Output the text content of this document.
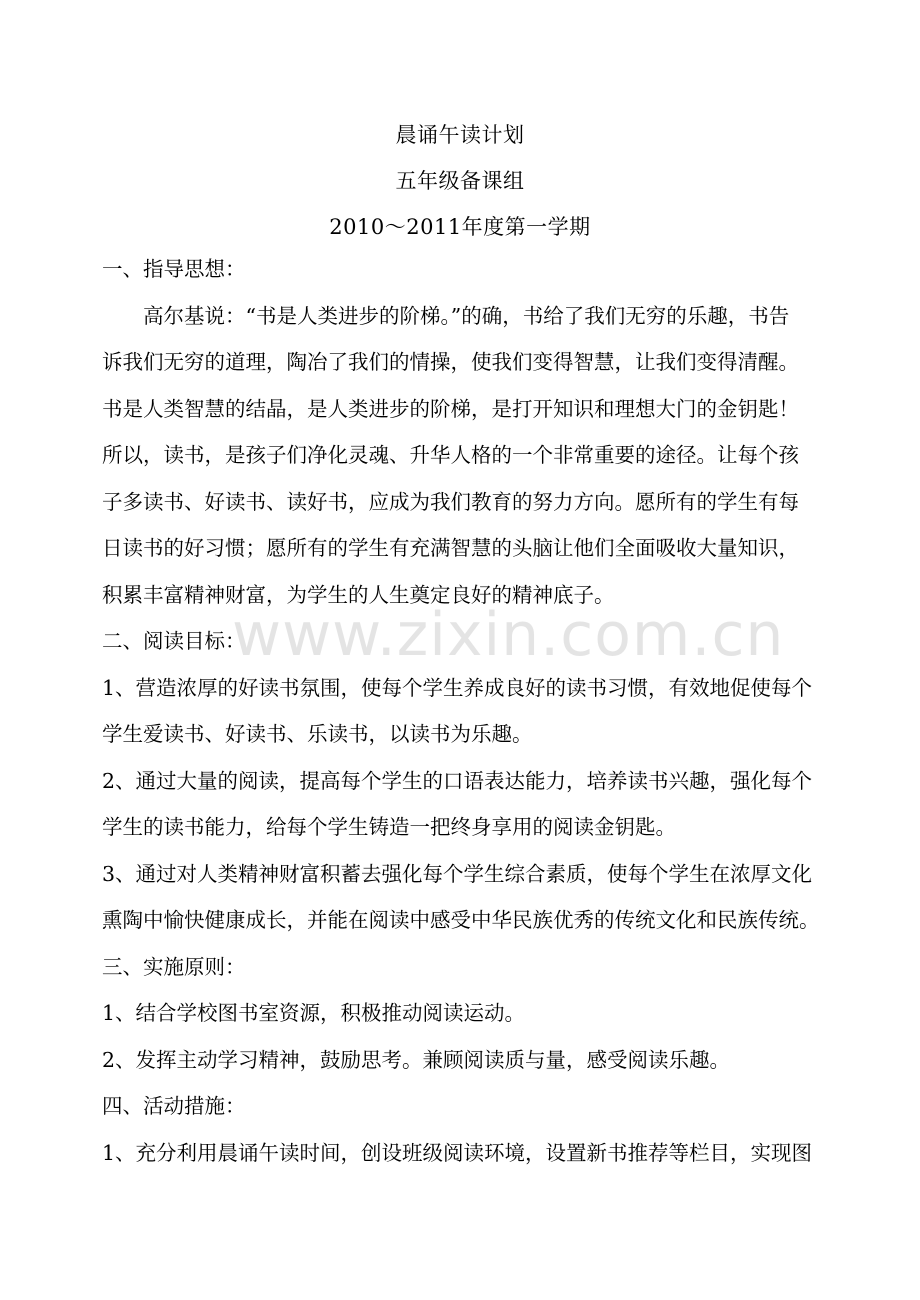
晨诵午读计划
五年级备课组
2010～2011年度第一学期
一、指导思想：
高尔基说：“书是人类进步的阶梯。”的确，书给了我们无穷的乐趣，书告
诉我们无穷的道理，陶冶了我们的情操，使我们变得智慧，让我们变得清醒。
书是人类智慧的结晶，是人类进步的阶梯，是打开知识和理想大门的金钥匙！
所以，读书，是孩子们净化灵魂、升华人格的一个非常重要的途径。让每个孩
子多读书、好读书、读好书，应成为我们教育的努力方向。愿所有的学生有每
日读书的好习惯；愿所有的学生有充满智慧的头脑让他们全面吸收大量知识，
积累丰富精神财富，为学生的人生奠定良好的精神底子。
二、阅读目标：
1、营造浓厚的好读书氛围，使每个学生养成良好的读书习惯，有效地促使每个
学生爱读书、好读书、乐读书，以读书为乐趣。
2、通过大量的阅读，提高每个学生的口语表达能力，培养读书兴趣，强化每个
学生的读书能力，给每个学生铸造一把终身享用的阅读金钥匙。
3、通过对人类精神财富积蓄去强化每个学生综合素质，使每个学生在浓厚文化
熏陶中愉快健康成长，并能在阅读中感受中华民族优秀的传统文化和民族传统。
三、实施原则：
1、结合学校图书室资源，积极推动阅读运动。
2、发挥主动学习精神，鼓励思考。兼顾阅读质与量，感受阅读乐趣。
四、活动措施：
1、充分利用晨诵午读时间，创设班级阅读环境，设置新书推荐等栏目，实现图
www.zixin.com.cn
